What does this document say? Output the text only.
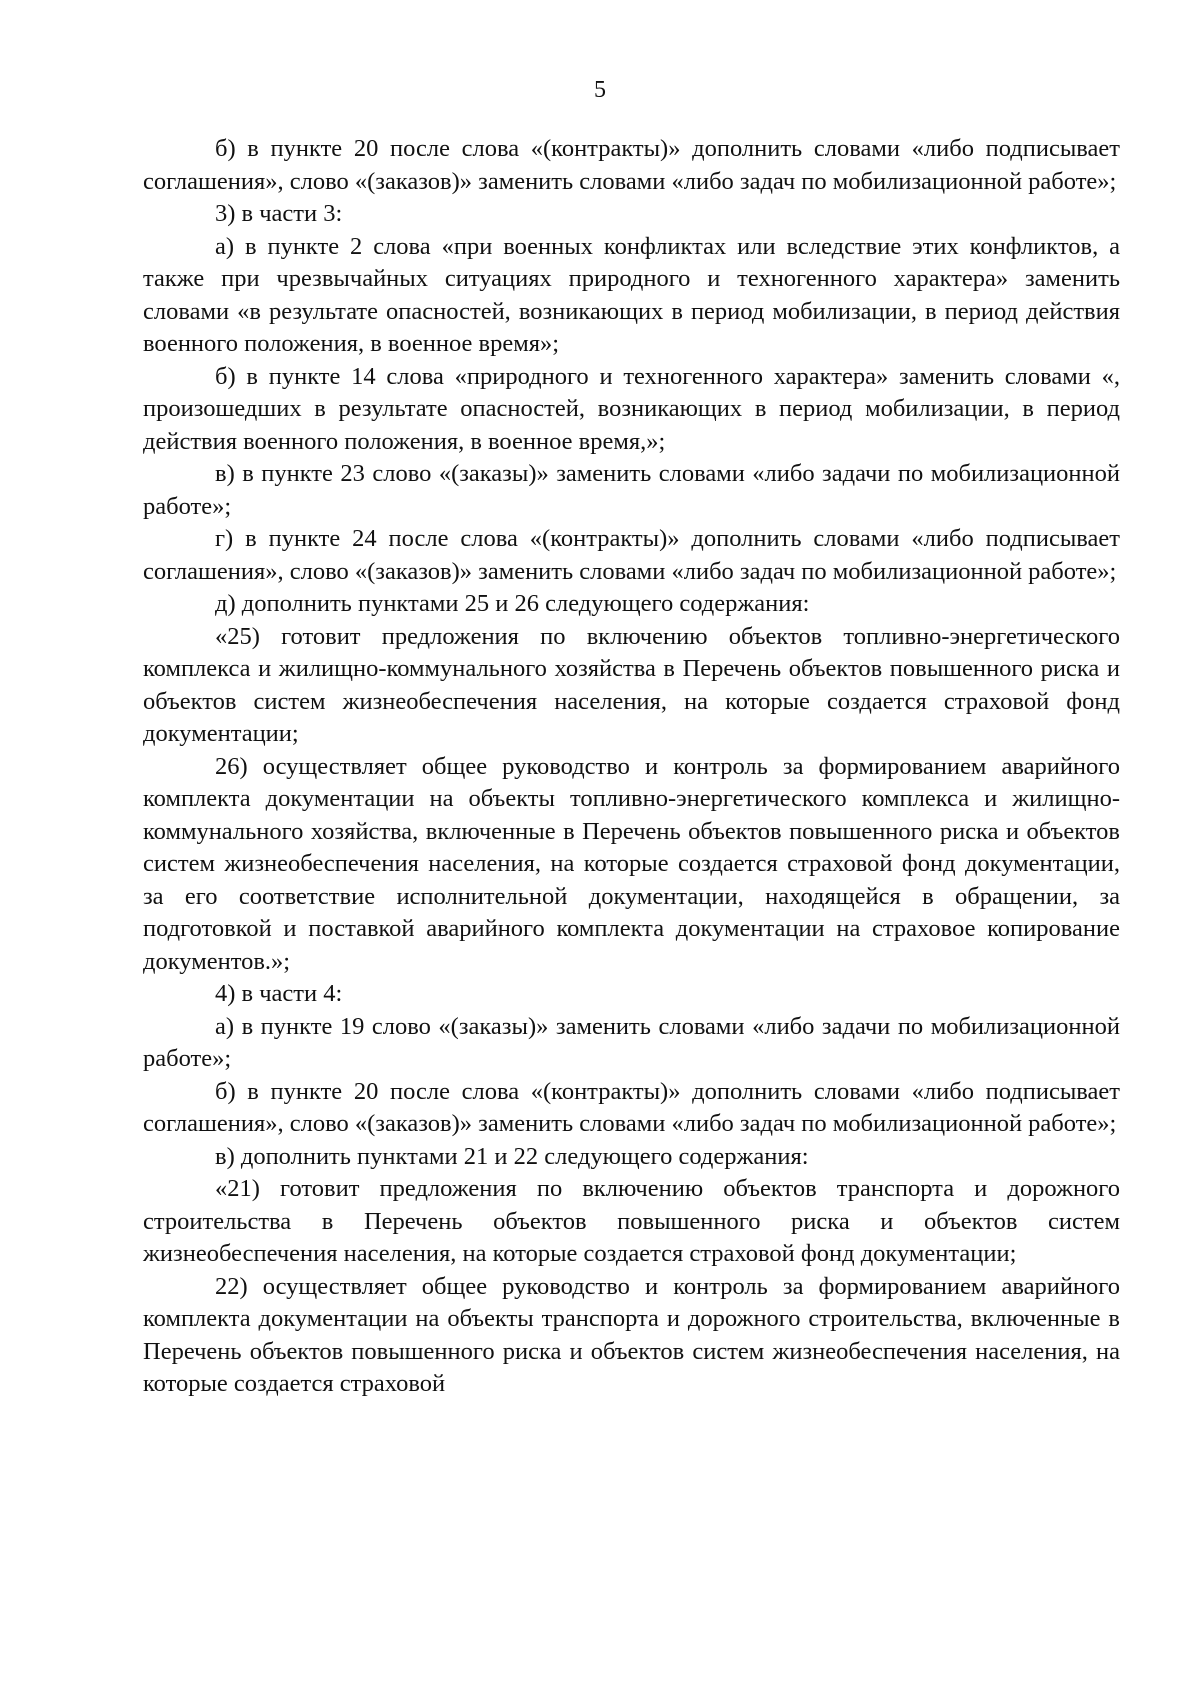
5

б) в пункте 20 после слова «(контракты)» дополнить словами «либо подписывает соглашения», слово «(заказов)» заменить словами «либо задач по мобилизационной работе»;

3) в части 3:

а) в пункте 2 слова «при военных конфликтах или вследствие этих конфликтов, а также при чрезвычайных ситуациях природного и техногенного характера» заменить словами «в результате опасностей, возникающих в период мобилизации, в период действия военного положения, в военное время»;

б) в пункте 14 слова «природного и техногенного характера» заменить словами «, произошедших в результате опасностей, возникающих в период мобилизации, в период действия военного положения, в военное время,»;

в) в пункте 23 слово «(заказы)» заменить словами «либо задачи по мобилизационной работе»;

г) в пункте 24 после слова «(контракты)» дополнить словами «либо подписывает соглашения», слово «(заказов)» заменить словами «либо задач по мобилизационной работе»;

д) дополнить пунктами 25 и 26 следующего содержания:

«25) готовит предложения по включению объектов топливно-энергетического комплекса и жилищно-коммунального хозяйства в Перечень объектов повышенного риска и объектов систем жизнеобеспечения населения, на которые создается страховой фонд документации;

26) осуществляет общее руководство и контроль за формированием аварийного комплекта документации на объекты топливно-энергетического комплекса и жилищно-коммунального хозяйства, включенные в Перечень объектов повышенного риска и объектов систем жизнеобеспечения населения, на которые создается страховой фонд документации, за его соответствие исполнительной документации, находящейся в обращении, за подготовкой и поставкой аварийного комплекта документации на страховое копирование документов.»;

4) в части 4:

а) в пункте 19 слово «(заказы)» заменить словами «либо задачи по мобилизационной работе»;

б) в пункте 20 после слова «(контракты)» дополнить словами «либо подписывает соглашения», слово «(заказов)» заменить словами «либо задач по мобилизационной работе»;

в) дополнить пунктами 21 и 22 следующего содержания:

«21) готовит предложения по включению объектов транспорта и дорожного строительства в Перечень объектов повышенного риска и объектов систем жизнеобеспечения населения, на которые создается страховой фонд документации;

22) осуществляет общее руководство и контроль за формированием аварийного комплекта документации на объекты транспорта и дорожного строительства, включенные в Перечень объектов повышенного риска и объектов систем жизнеобеспечения населения, на которые создается страховой
